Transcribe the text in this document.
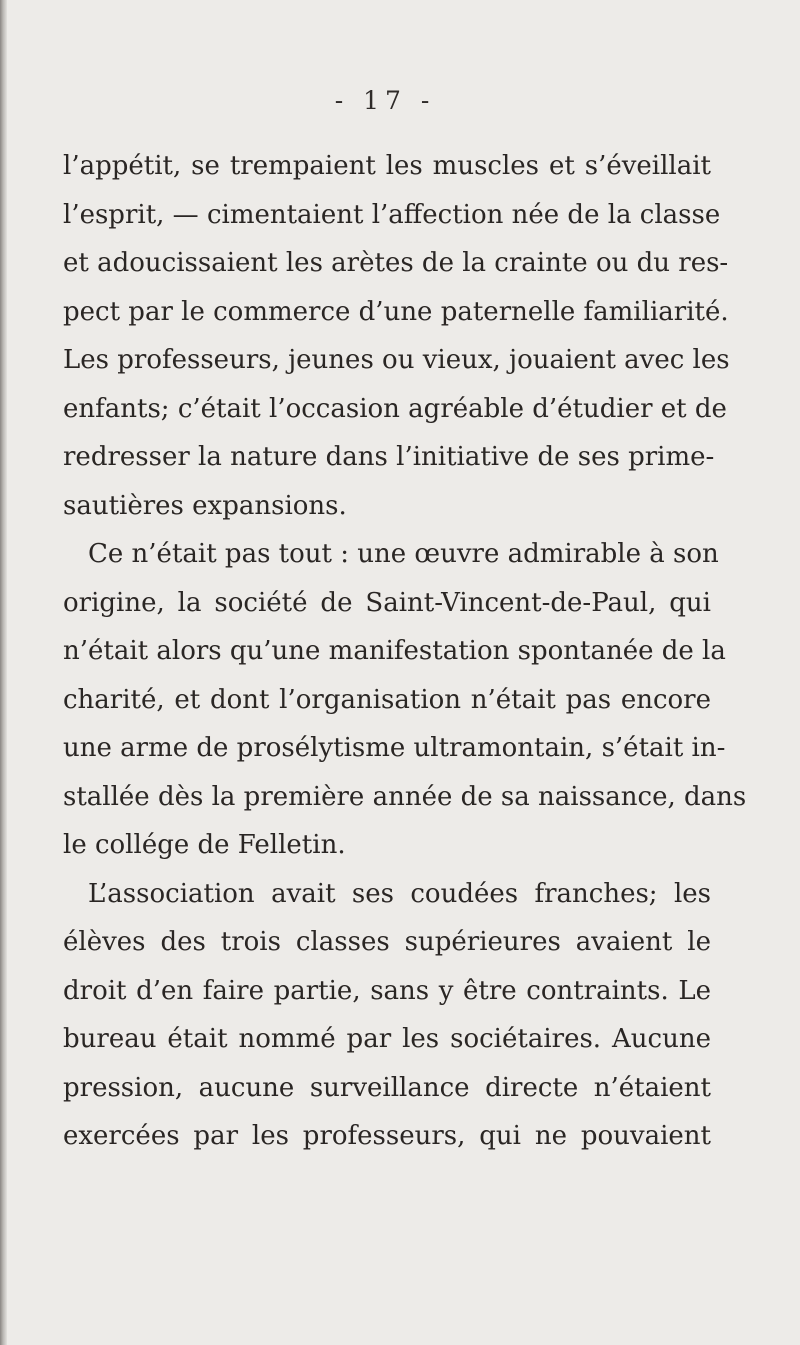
- 17 -
l’appétit, se trempaient les muscles et s’éveillait
l’esprit, — cimentaient l’affection née de la classe
et adoucissaient les arètes de la crainte ou du res-
pect par le commerce d’une paternelle familiarité.
Les professeurs, jeunes ou vieux, jouaient avec les
enfants; c’était l’occasion agréable d’étudier et de
redresser la nature dans l’initiative de ses prime-
sautières expansions.
Ce n’était pas tout : une œuvre admirable à son
origine, la société de Saint-Vincent-de-Paul, qui
n’était alors qu’une manifestation spontanée de la
charité, et dont l’organisation n’était pas encore
une arme de prosélytisme ultramontain, s’était in-
stallée dès la première année de sa naissance, dans
le collége de Felletin.
L’association avait ses coudées franches; les
élèves des trois classes supérieures avaient le
droit d’en faire partie, sans y être contraints. Le
bureau était nommé par les sociétaires. Aucune
pression, aucune surveillance directe n’étaient
exercées par les professeurs, qui ne pouvaient
